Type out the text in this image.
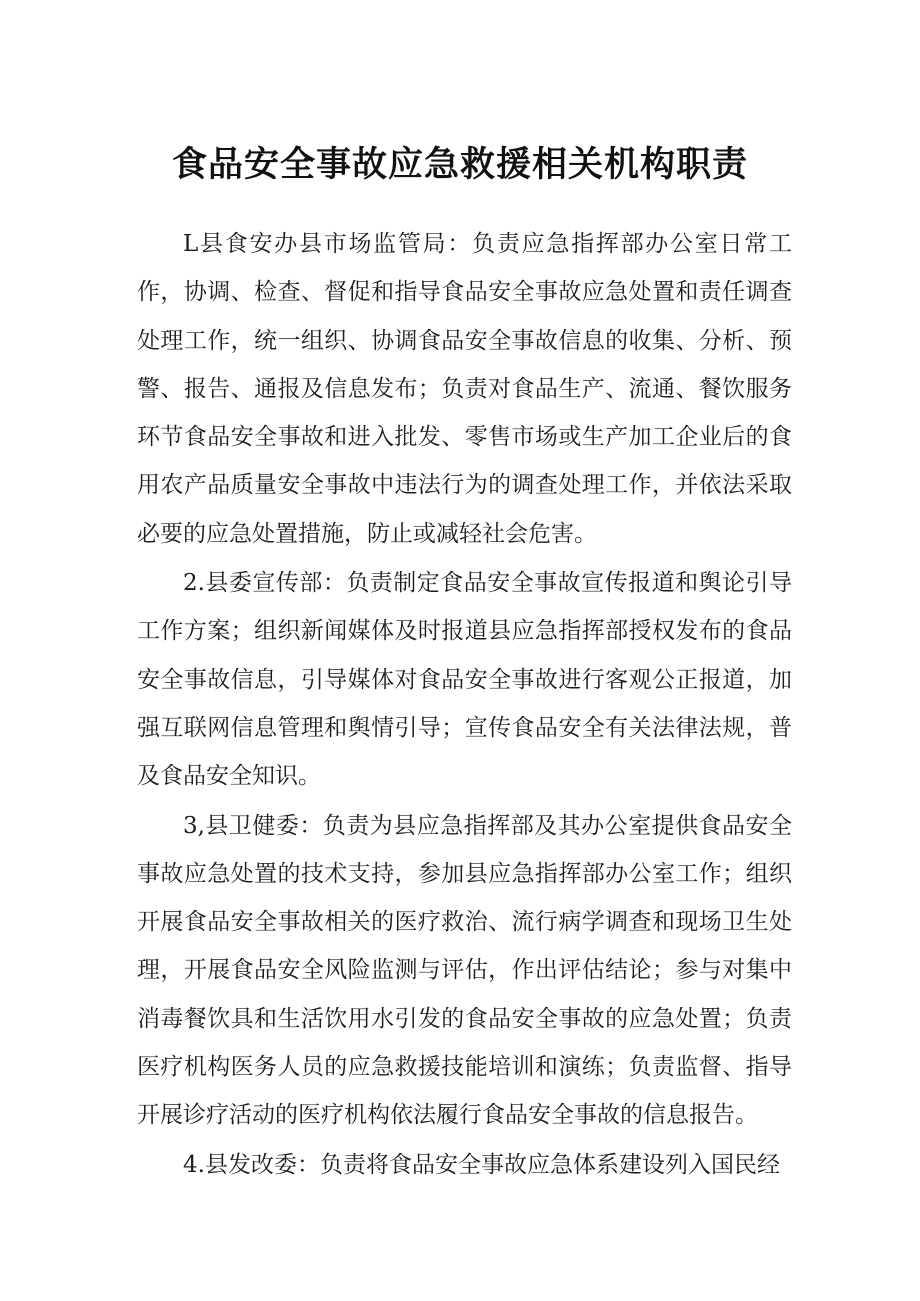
食品安全事故应急救援相关机构职责

L县食安办县市场监管局：负责应急指挥部办公室日常工作，协调、检查、督促和指导食品安全事故应急处置和责任调查处理工作，统一组织、协调食品安全事故信息的收集、分析、预警、报告、通报及信息发布；负责对食品生产、流通、餐饮服务环节食品安全事故和进入批发、零售市场或生产加工企业后的食用农产品质量安全事故中违法行为的调查处理工作，并依法采取必要的应急处置措施，防止或减轻社会危害。

2.县委宣传部：负责制定食品安全事故宣传报道和舆论引导工作方案；组织新闻媒体及时报道县应急指挥部授权发布的食品安全事故信息，引导媒体对食品安全事故进行客观公正报道，加强互联网信息管理和舆情引导；宣传食品安全有关法律法规，普及食品安全知识。

3,县卫健委：负责为县应急指挥部及其办公室提供食品安全事故应急处置的技术支持，参加县应急指挥部办公室工作；组织开展食品安全事故相关的医疗救治、流行病学调查和现场卫生处理，开展食品安全风险监测与评估，作出评估结论；参与对集中消毒餐饮具和生活饮用水引发的食品安全事故的应急处置；负责医疗机构医务人员的应急救援技能培训和演练；负责监督、指导开展诊疗活动的医疗机构依法履行食品安全事故的信息报告。

4.县发改委：负责将食品安全事故应急体系建设列入国民经
